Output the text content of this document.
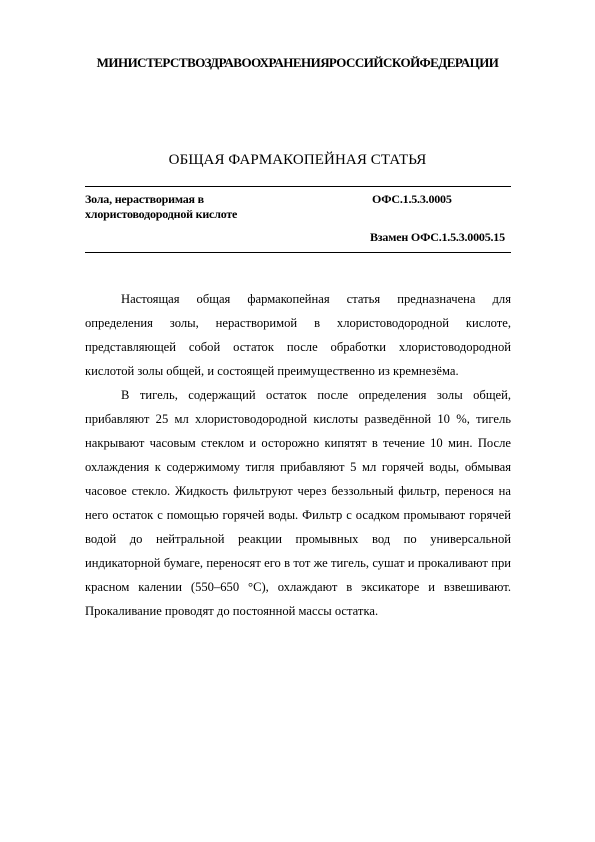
МИНИСТЕРСТВО ЗДРАВООХРАНЕНИЯ РОССИЙСКОЙ ФЕДЕРАЦИИ
ОБЩАЯ ФАРМАКОПЕЙНАЯ СТАТЬЯ
Зола, нерастворимая в хлористоводородной кислоте
ОФС.1.5.3.0005
Взамен ОФС.1.5.3.0005.15

Настоящая общая фармакопейная статья предназначена для определения золы, нерастворимой в хлористоводородной кислоте, представляющей собой остаток после обработки хлористоводородной кислотой золы общей, и состоящей преимущественно из кремнезёма.

В тигель, содержащий остаток после определения золы общей, прибавляют 25 мл хлористоводородной кислоты разведённой 10 %, тигель накрывают часовым стеклом и осторожно кипятят в течение 10 мин. После охлаждения к содержимому тигля прибавляют 5 мл горячей воды, обмывая часовое стекло. Жидкость фильтруют через беззольный фильтр, перенося на него остаток с помощью горячей воды. Фильтр с осадком промывают горячей водой до нейтральной реакции промывных вод по универсальной индикаторной бумаге, переносят его в тот же тигель, сушат и прокаливают при красном калении (550–650 °С), охлаждают в эксикаторе и взвешивают. Прокаливание проводят до постоянной массы остатка.
